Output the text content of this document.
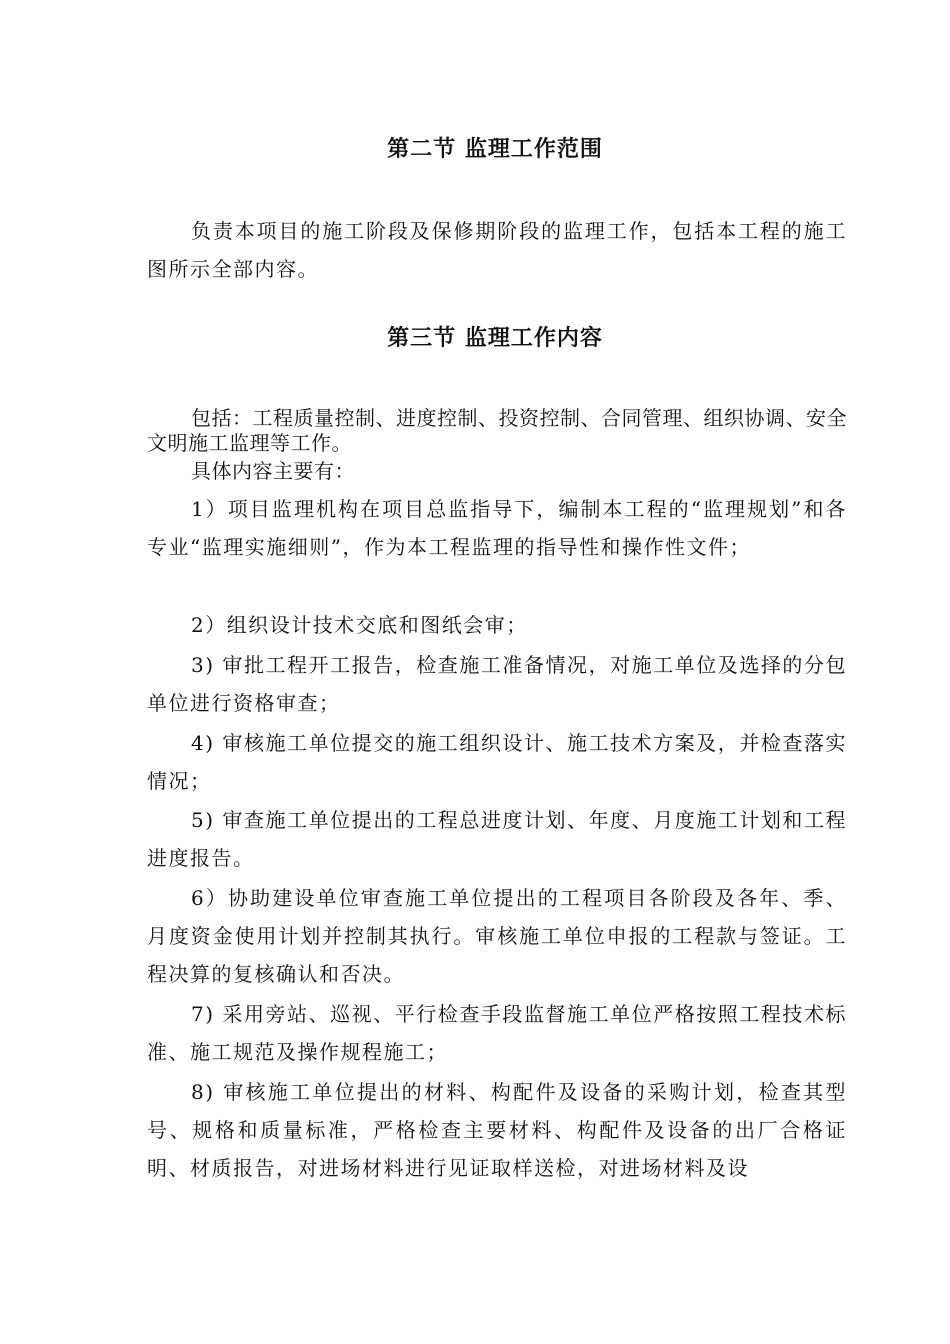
第二节 监理工作范围
负责本项目的施工阶段及保修期阶段的监理工作，包括本工程的施工图所示全部内容。
第三节 监理工作内容
包括：工程质量控制、进度控制、投资控制、合同管理、组织协调、安全文明施工监理等工作。
具体内容主要有：
1）项目监理机构在项目总监指导下，编制本工程的“监理规划”和各专业“监理实施细则”，作为本工程监理的指导性和操作性文件；
2）组织设计技术交底和图纸会审；
3) 审批工程开工报告，检查施工准备情况，对施工单位及选择的分包单位进行资格审查；
4) 审核施工单位提交的施工组织设计、施工技术方案及，并检查落实情况；
5) 审查施工单位提出的工程总进度计划、年度、月度施工计划和工程进度报告。
6）协助建设单位审查施工单位提出的工程项目各阶段及各年、季、月度资金使用计划并控制其执行。审核施工单位申报的工程款与签证。工程决算的复核确认和否决。
7) 采用旁站、巡视、平行检查手段监督施工单位严格按照工程技术标准、施工规范及操作规程施工；
8) 审核施工单位提出的材料、构配件及设备的采购计划，检查其型号、规格和质量标准，严格检查主要材料、构配件及设备的出厂合格证明、材质报告，对进场材料进行见证取样送检，对进场材料及设
